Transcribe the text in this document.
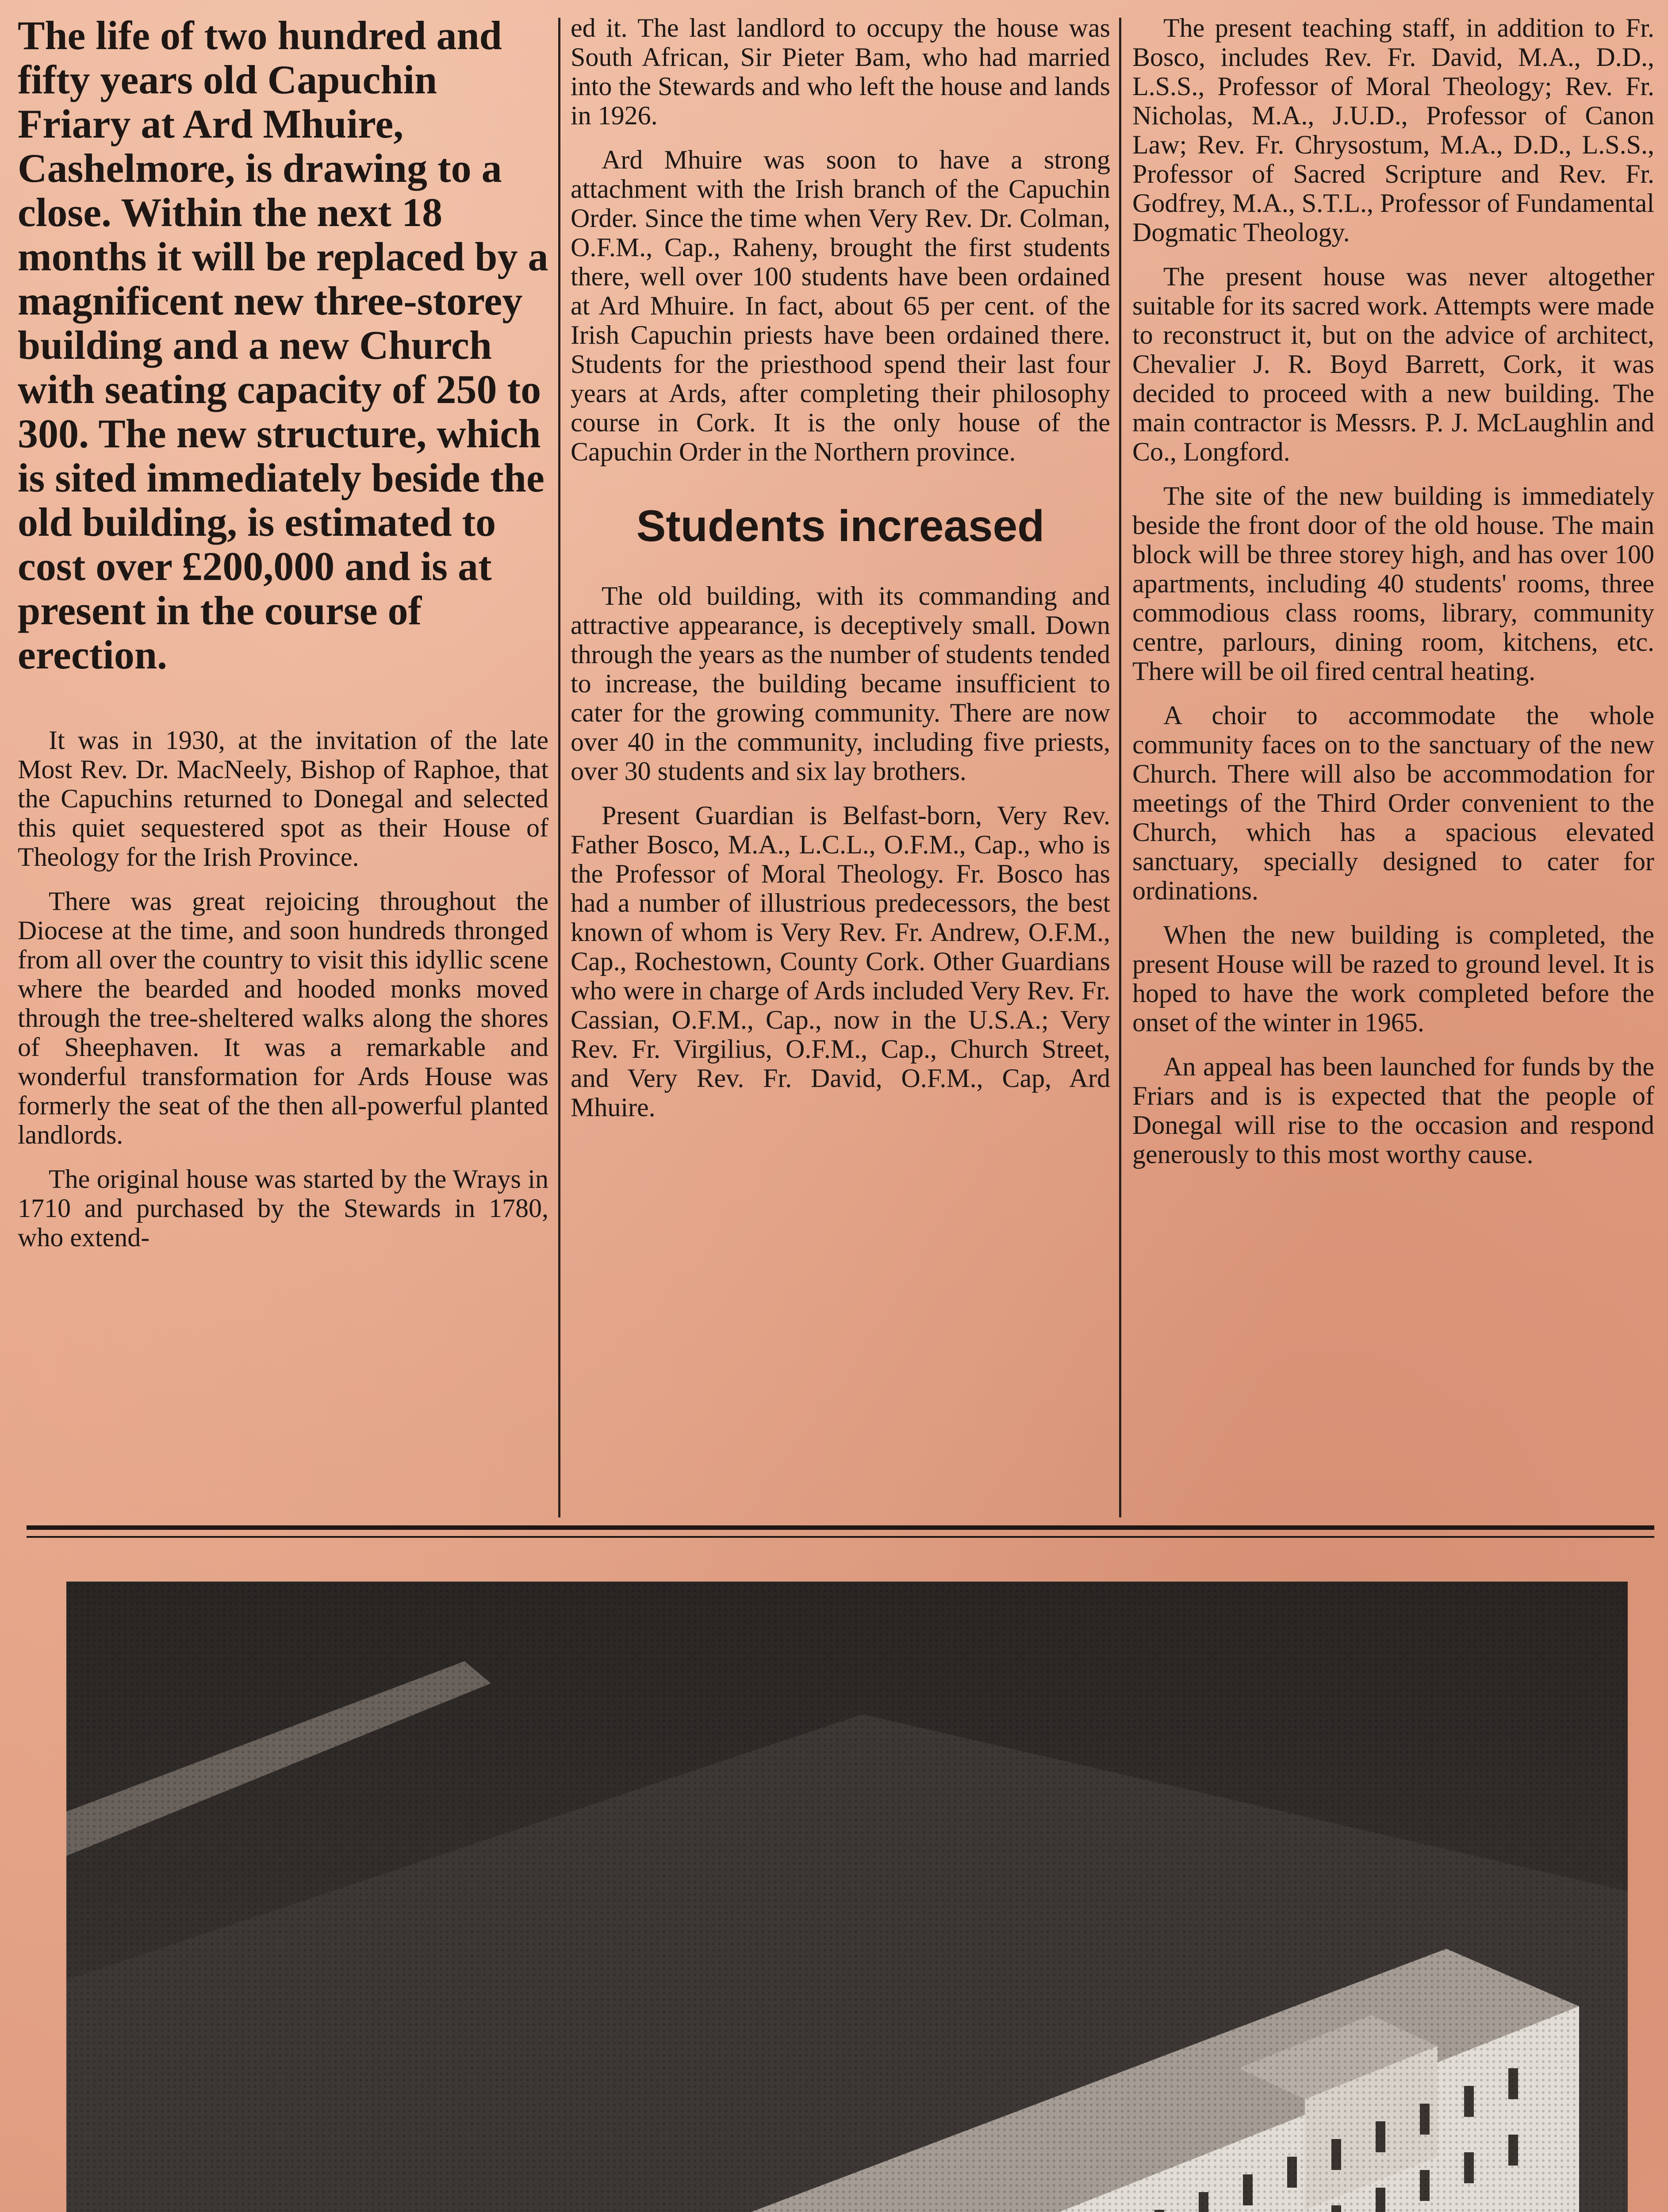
The life of two hundred and fifty years old Capuchin Friary at Ard Mhuire, Cashelmore, is drawing to a close. Within the next 18 months it will be replaced by a magnificent new three-storey building and a new Church with seating capacity of 250 to 300. The new structure, which is sited immediately beside the old building, is estimated to cost over £200,000 and is at present in the course of erection.

It was in 1930, at the invitation of the late Most Rev. Dr. MacNeely, Bishop of Raphoe, that the Capuchins returned to Donegal and selected this quiet sequestered spot as their House of Theology for the Irish Province.

There was great rejoicing throughout the Diocese at the time, and soon hundreds thronged from all over the country to visit this idyllic scene where the bearded and hooded monks moved through the tree-sheltered walks along the shores of Sheephaven. It was a remarkable and wonderful transformation for Ards House was formerly the seat of the then all-powerful planted landlords.

The original house was started by the Wrays in 1710 and purchased by the Stewards in 1780, who extend-

ed it. The last landlord to occupy the house was South African, Sir Pieter Bam, who had married into the Stewards and who left the house and lands in 1926.

Ard Mhuire was soon to have a strong attachment with the Irish branch of the Capuchin Order. Since the time when Very Rev. Dr. Colman, O.F.M., Cap., Raheny, brought the first students there, well over 100 students have been ordained at Ard Mhuire. In fact, about 65 per cent. of the Irish Capuchin priests have been ordained there. Students for the priesthood spend their last four years at Ards, after completing their philosophy course in Cork. It is the only house of the Capuchin Order in the Northern province.

Students increased

The old building, with its commanding and attractive appearance, is deceptively small. Down through the years as the number of students tended to increase, the building became insufficient to cater for the growing community. There are now over 40 in the community, including five priests, over 30 students and six lay brothers.

Present Guardian is Belfast-born, Very Rev. Father Bosco, M.A., L.C.L., O.F.M., Cap., who is the Professor of Moral Theology. Fr. Bosco has had a number of illustrious predecessors, the best known of whom is Very Rev. Fr. Andrew, O.F.M., Cap., Rochestown, County Cork. Other Guardians who were in charge of Ards included Very Rev. Fr. Cassian, O.F.M., Cap., now in the U.S.A.; Very Rev. Fr. Virgilius, O.F.M., Cap., Church Street, and Very Rev. Fr. David, O.F.M., Cap, Ard Mhuire.

The present teaching staff, in addition to Fr. Bosco, includes Rev. Fr. David, M.A., D.D., L.S.S., Professor of Moral Theology; Rev. Fr. Nicholas, M.A., J.U.D., Professor of Canon Law; Rev. Fr. Chrysostum, M.A., D.D., L.S.S., Professor of Sacred Scripture and Rev. Fr. Godfrey, M.A., S.T.L., Professor of Fundamental Dogmatic Theology.

The present house was never altogether suitable for its sacred work. Attempts were made to reconstruct it, but on the advice of architect, Chevalier J. R. Boyd Barrett, Cork, it was decided to proceed with a new building. The main contractor is Messrs. P. J. McLaughlin and Co., Longford.

The site of the new building is immediately beside the front door of the old house. The main block will be three storey high, and has over 100 apartments, including 40 students' rooms, three commodious class rooms, library, community centre, parlours, dining room, kitchens, etc. There will be oil fired central heating.

A choir to accommodate the whole community faces on to the sanctuary of the new Church. There will also be accommodation for meetings of the Third Order convenient to the Church, which has a spacious elevated sanctuary, specially designed to cater for ordinations.

When the new building is completed, the present House will be razed to ground level. It is hoped to have the work completed before the onset of the winter in 1965.

An appeal has been launched for funds by the Friars and is is expected that the people of Donegal will rise to the occasion and respond generously to this most worthy cause.
